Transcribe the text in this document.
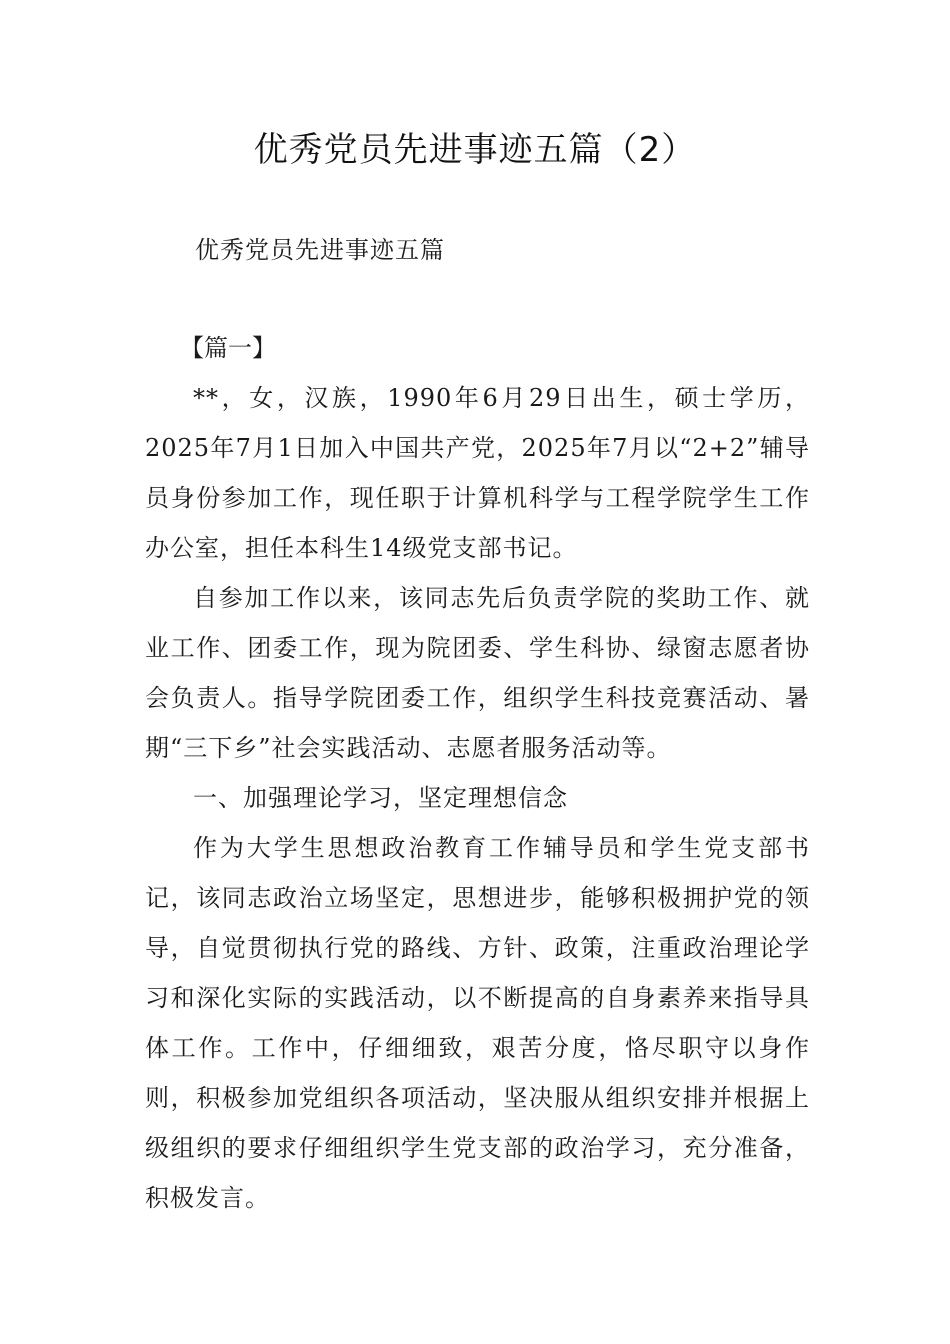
优秀党员先进事迹五篇（2）
优秀党员先进事迹五篇
【篇一】

**，女，汉族，1990年6月29日出生，硕士学历，2025年7月1日加入中国共产党，2025年7月以“2+2”辅导员身份参加工作，现任职于计算机科学与工程学院学生工作办公室，担任本科生14级党支部书记。

自参加工作以来，该同志先后负责学院的奖助工作、就业工作、团委工作，现为院团委、学生科协、绿窗志愿者协会负责人。指导学院团委工作，组织学生科技竞赛活动、暑期“三下乡”社会实践活动、志愿者服务活动等。

一、加强理论学习，坚定理想信念

作为大学生思想政治教育工作辅导员和学生党支部书记，该同志政治立场坚定，思想进步，能够积极拥护党的领导，自觉贯彻执行党的路线、方针、政策，注重政治理论学习和深化实际的实践活动，以不断提高的自身素养来指导具体工作。工作中，仔细细致，艰苦分度，恪尽职守以身作则，积极参加党组织各项活动，坚决服从组织安排并根据上级组织的要求仔细组织学生党支部的政治学习，充分准备，积极发言。
